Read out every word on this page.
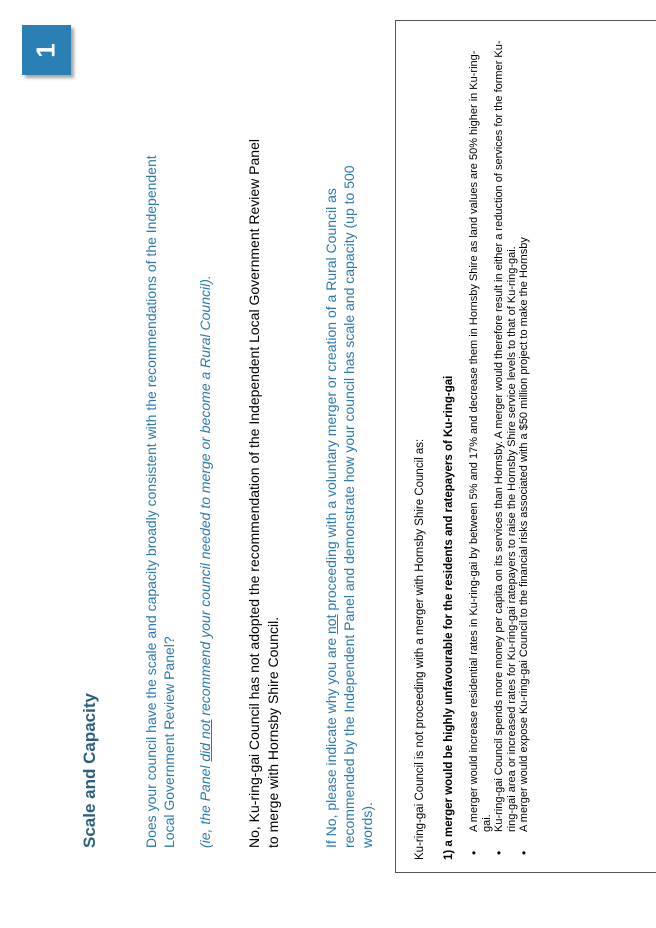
1
Scale and Capacity	Does your council have the scale and capacity broadly consistent with the recommendations of the Independent Local Government Review Panel? (ie, the Panel did not recommend your council needed to merge or become a Rural Council). No, Ku-ring-gai Council has not adopted the recommendation of the Independent Local Government Review Panel to merge with Hornsby Shire Council.	If No, please indicate why you are not proceeding with a voluntary merger or creation of a Rural Council as recommended by the Independent Panel and demonstrate how your council has scale and capacity (up to 500 words).	Ku-ring-gai Council is not proceeding with a merger with Hornsby Shire Council as: 1) a merger would be highly unfavourable for the residents and ratepayers of Ku-ring-gai •
A merger would increase residential rates in Ku-ring-gai by between 5% and 17% and decrease them in Hornsby Shire as land values are 50% higher in Ku-ring-gai.
•
Ku-ring-gai Council spends more money per capita on its services than Hornsby. A merger would therefore result in either a reduction of services for the former Ku-ring-gai area or increased rates for Ku-ring-gai ratepayers to raise the Hornsby Shire service levels to that of Ku-ring-gai.
•
A merger would expose Ku-ring-gai Council to the financial risks associated with a $50 million project to make the Hornsby
